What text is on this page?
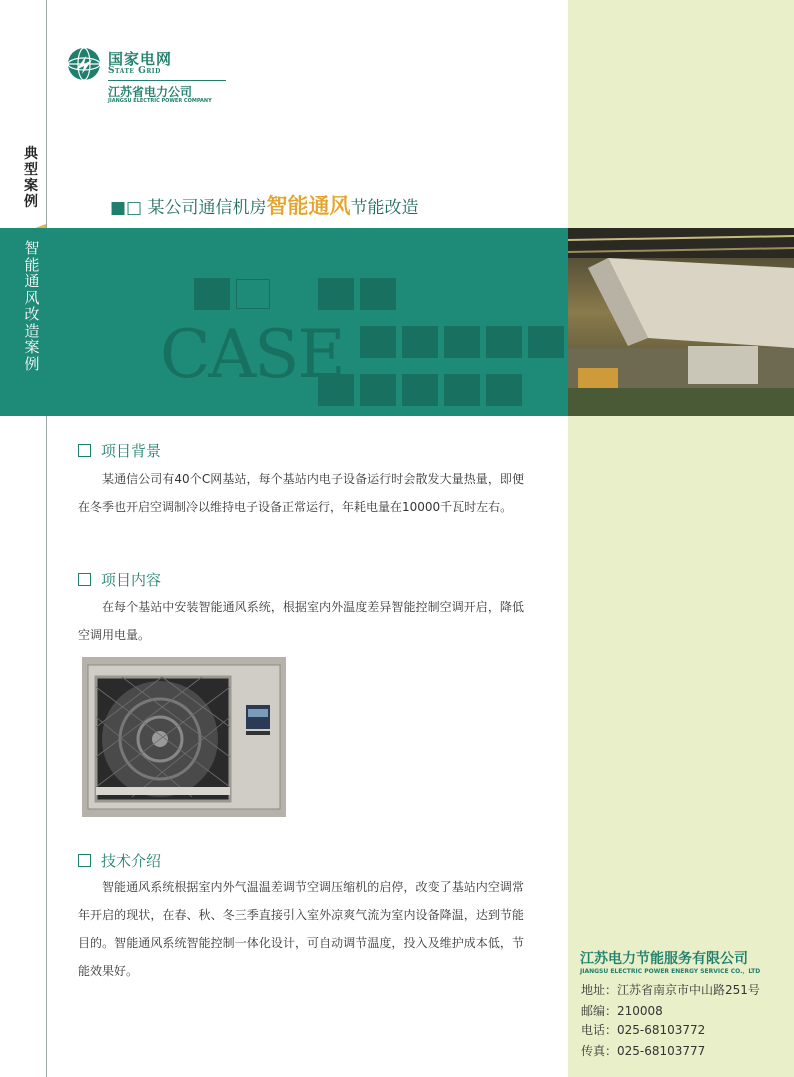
国家电网
State Grid
江苏省电力公司
JIANGSU ELECTRIC POWER COMPANY
典型案例	■□ 某公司通信机房智能通风节能改造
CASE
智能通风改造案例
项目背景

某通信公司有40个C网基站，每个基站内电子设备运行时会散发大量热量，即便在冬季也开启空调制冷以维持电子设备正常运行，年耗电量在10000千瓦时左右。

项目内容

在每个基站中安装智能通风系统，根据室内外温度差异智能控制空调开启，降低空调用电量。

技术介绍

智能通风系统根据室内外气温温差调节空调压缩机的启停，改变了基站内空调常年开启的现状，在春、秋、冬三季直接引入室外凉爽气流为室内设备降温，达到节能目的。智能通风系统智能控制一体化设计，可自动调节温度，投入及维护成本低，节能效果好。

江苏电力节能服务有限公司
JIANGSU ELECTRIC POWER ENERGY SERVICE CO.，LTD
地址：江苏省南京市中山路251号
邮编：210008
电话：025-68103772
传真：025-68103777
